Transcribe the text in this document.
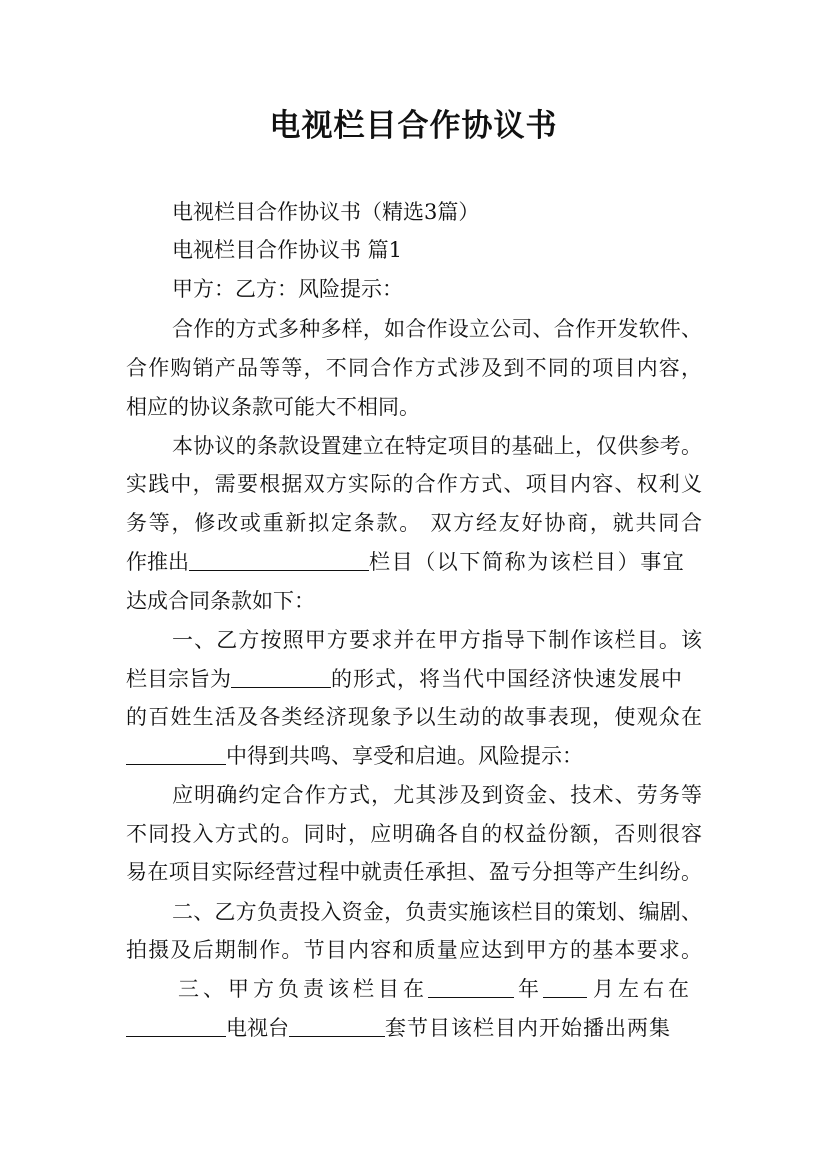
电视栏目合作协议书
电视栏目合作协议书（精选3篇）
电视栏目合作协议书 篇1
甲方：乙方：风险提示：
合作的方式多种多样，如合作设立公司、合作开发软件、
合作购销产品等等，不同合作方式涉及到不同的项目内容，
相应的协议条款可能大不相同。
本协议的条款设置建立在特定项目的基础上，仅供参考。
实践中，需要根据双方实际的合作方式、项目内容、权利义
务等，修改或重新拟定条款。 双方经友好协商，就共同合
作推出	栏目（以下简称为该栏目）事宜
达成合同条款如下：
一、乙方按照甲方要求并在甲方指导下制作该栏目。该
栏目宗旨为	的形式，将当代中国经济快速发展中
的百姓生活及各类经济现象予以生动的故事表现，使观众在
中得到共鸣、享受和启迪。风险提示：
应明确约定合作方式，尤其涉及到资金、技术、劳务等
不同投入方式的。同时，应明确各自的权益份额，否则很容
易在项目实际经营过程中就责任承担、盈亏分担等产生纠纷。
二、乙方负责投入资金，负责实施该栏目的策划、编剧、
拍摄及后期制作。节目内容和质量应达到甲方的基本要求。
三、甲方负责该栏目在	年	月左右在
电视台	套节目该栏目内开始播出两集
